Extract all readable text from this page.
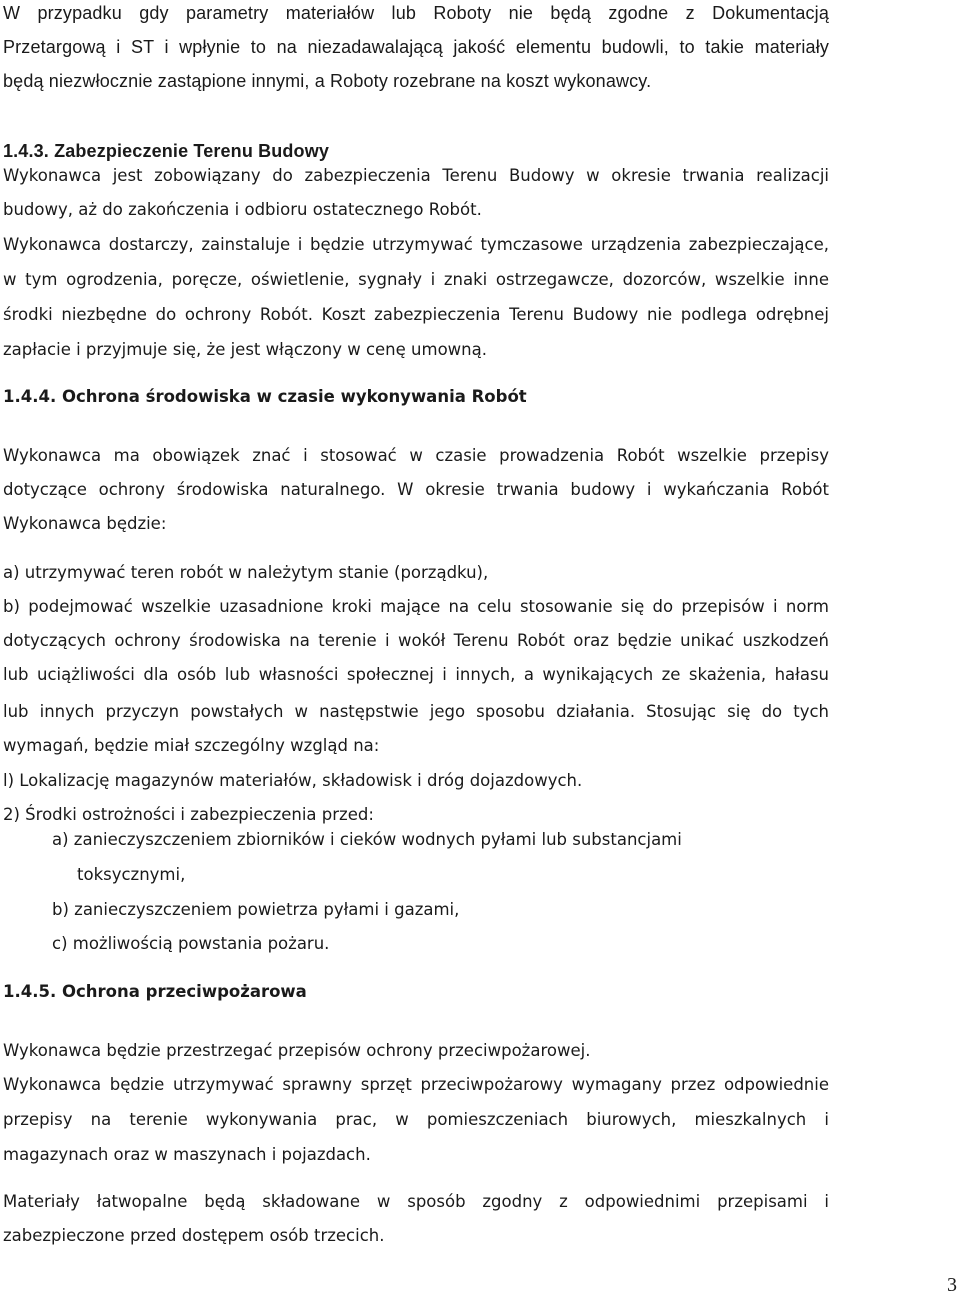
W przypadku gdy parametry materiałów lub Roboty nie będą zgodne z Dokumentacją

Przetargową i ST i wpłynie to na niezadawalającą jakość elementu budowli, to takie materiały

będą niezwłocznie zastąpione innymi, a Roboty rozebrane na koszt wykonawcy.

1.4.3. Zabezpieczenie Terenu Budowy

Wykonawca jest zobowiązany do zabezpieczenia Terenu Budowy w okresie trwania realizacji

budowy, aż do zakończenia i odbioru ostatecznego Robót.

Wykonawca dostarczy, zainstaluje i będzie utrzymywać tymczasowe urządzenia zabezpieczające,

w tym ogrodzenia, poręcze, oświetlenie, sygnały i znaki ostrzegawcze, dozorców, wszelkie inne

środki niezbędne do ochrony Robót. Koszt zabezpieczenia Terenu Budowy nie podlega odrębnej

zapłacie i przyjmuje się, że jest włączony w cenę umowną.

1.4.4. Ochrona środowiska w czasie wykonywania Robót

Wykonawca ma obowiązek znać i stosować w czasie prowadzenia Robót wszelkie przepisy

dotyczące ochrony środowiska naturalnego. W okresie trwania budowy i wykańczania Robót

Wykonawca będzie:

a) utrzymywać teren robót w należytym stanie (porządku),

b) podejmować wszelkie uzasadnione kroki mające na celu stosowanie się do przepisów i norm

dotyczących ochrony środowiska na terenie i wokół Terenu Robót oraz będzie unikać uszkodzeń

lub uciążliwości dla osób lub własności społecznej i innych, a wynikających ze skażenia, hałasu

lub innych przyczyn powstałych w następstwie jego sposobu działania. Stosując się do tych

wymagań, będzie miał szczególny wzgląd na:

l) Lokalizację magazynów materiałów, składowisk i dróg dojazdowych.

2) Środki ostrożności i zabezpieczenia przed:

a) zanieczyszczeniem zbiorników i cieków wodnych pyłami lub substancjami

toksycznymi,

b) zanieczyszczeniem powietrza pyłami i gazami,

c) możliwością powstania pożaru.

1.4.5. Ochrona przeciwpożarowa

Wykonawca będzie przestrzegać przepisów ochrony przeciwpożarowej.

Wykonawca będzie utrzymywać sprawny sprzęt przeciwpożarowy wymagany przez odpowiednie

przepisy na terenie wykonywania prac, w pomieszczeniach biurowych, mieszkalnych i

magazynach oraz w maszynach i pojazdach.

Materiały łatwopalne będą składowane w sposób zgodny z odpowiednimi przepisami i

zabezpieczone przed dostępem osób trzecich.

3
